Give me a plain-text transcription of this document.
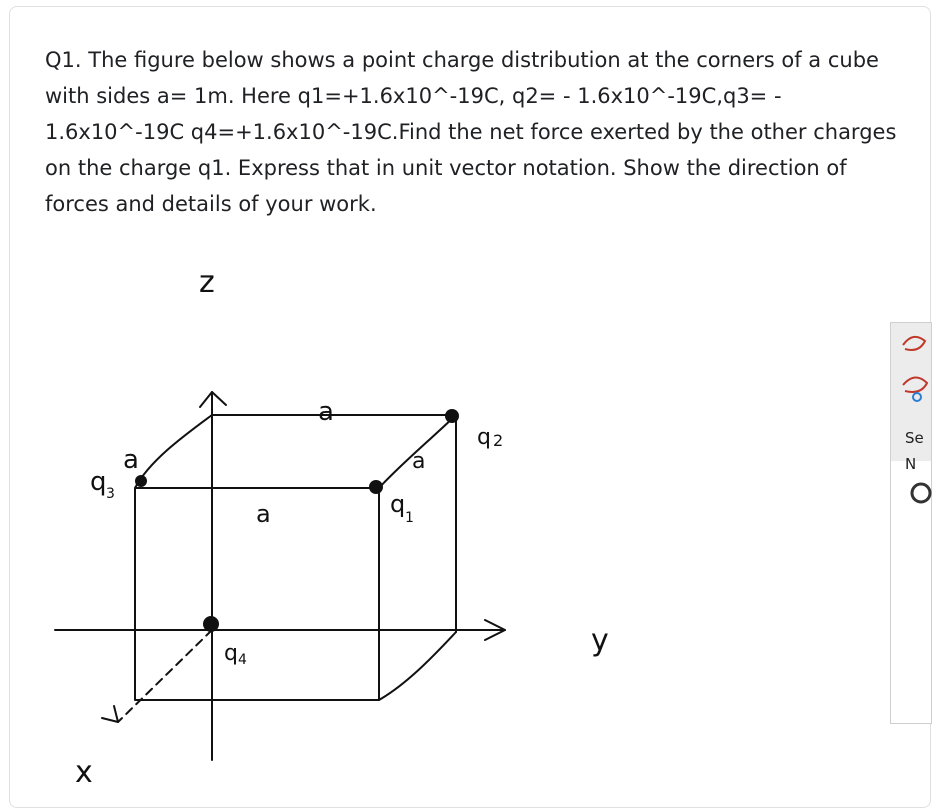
Q1. The figure below shows a point charge distribution at the corners of a cube with sides a= 1m. Here q1=+1.6x10^-19C, q2= - 1.6x10^-19C,q3= - 1.6x10^-19C q4=+1.6x10^-19C.Find the net force exerted by the other charges on the charge q1. Express that in unit vector notation. Show the direction of forces and details of your work.

z
y
x
a
a	a
a	q 1
q 2
q 3
q 4
Se
N
